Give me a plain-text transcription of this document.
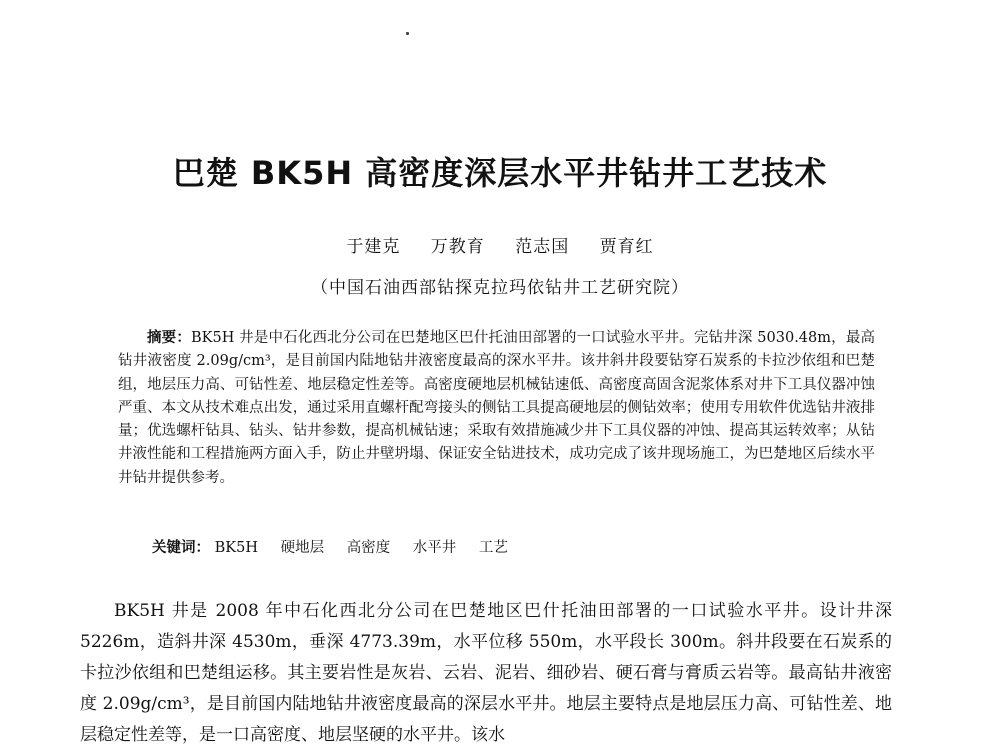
巴楚 BK5H 高密度深层水平井钻井工艺技术
于建克 万教育 范志国 贾育红
（中国石油西部钻探克拉玛依钻井工艺研究院）
摘要：BK5H 井是中石化西北分公司在巴楚地区巴什托油田部署的一口试验水平井。完钻井深 5030.48m，最高钻井液密度 2.09g/cm³，是目前国内陆地钻井液密度最高的深水平井。该井斜井段要钻穿石炭系的卡拉沙依组和巴楚组，地层压力高、可钻性差、地层稳定性差等。高密度硬地层机械钻速低、高密度高固含泥浆体系对井下工具仪器冲蚀严重、本文从技术难点出发，通过采用直螺杆配弯接头的侧钻工具提高硬地层的侧钻效率；使用专用软件优选钻井液排量；优选螺杆钻具、钻头、钻井参数，提高机械钻速；采取有效措施减少井下工具仪器的冲蚀、提高其运转效率；从钻井液性能和工程措施两方面入手，防止井壁坍塌、保证安全钻进技术，成功完成了该井现场施工，为巴楚地区后续水平井钻井提供参考。
关键词： BK5H 硬地层 高密度 水平井 工艺
BK5H 井是 2008 年中石化西北分公司在巴楚地区巴什托油田部署的一口试验水平井。设计井深 5226m，造斜井深 4530m，垂深 4773.39m，水平位移 550m，水平段长 300m。斜井段要在石炭系的卡拉沙依组和巴楚组运移。其主要岩性是灰岩、云岩、泥岩、细砂岩、硬石膏与膏质云岩等。最高钻井液密度 2.09g/cm³，是目前国内陆地钻井液密度最高的深层水平井。地层主要特点是地层压力高、可钻性差、地层稳定性差等，是一口高密度、地层坚硬的水平井。该水
